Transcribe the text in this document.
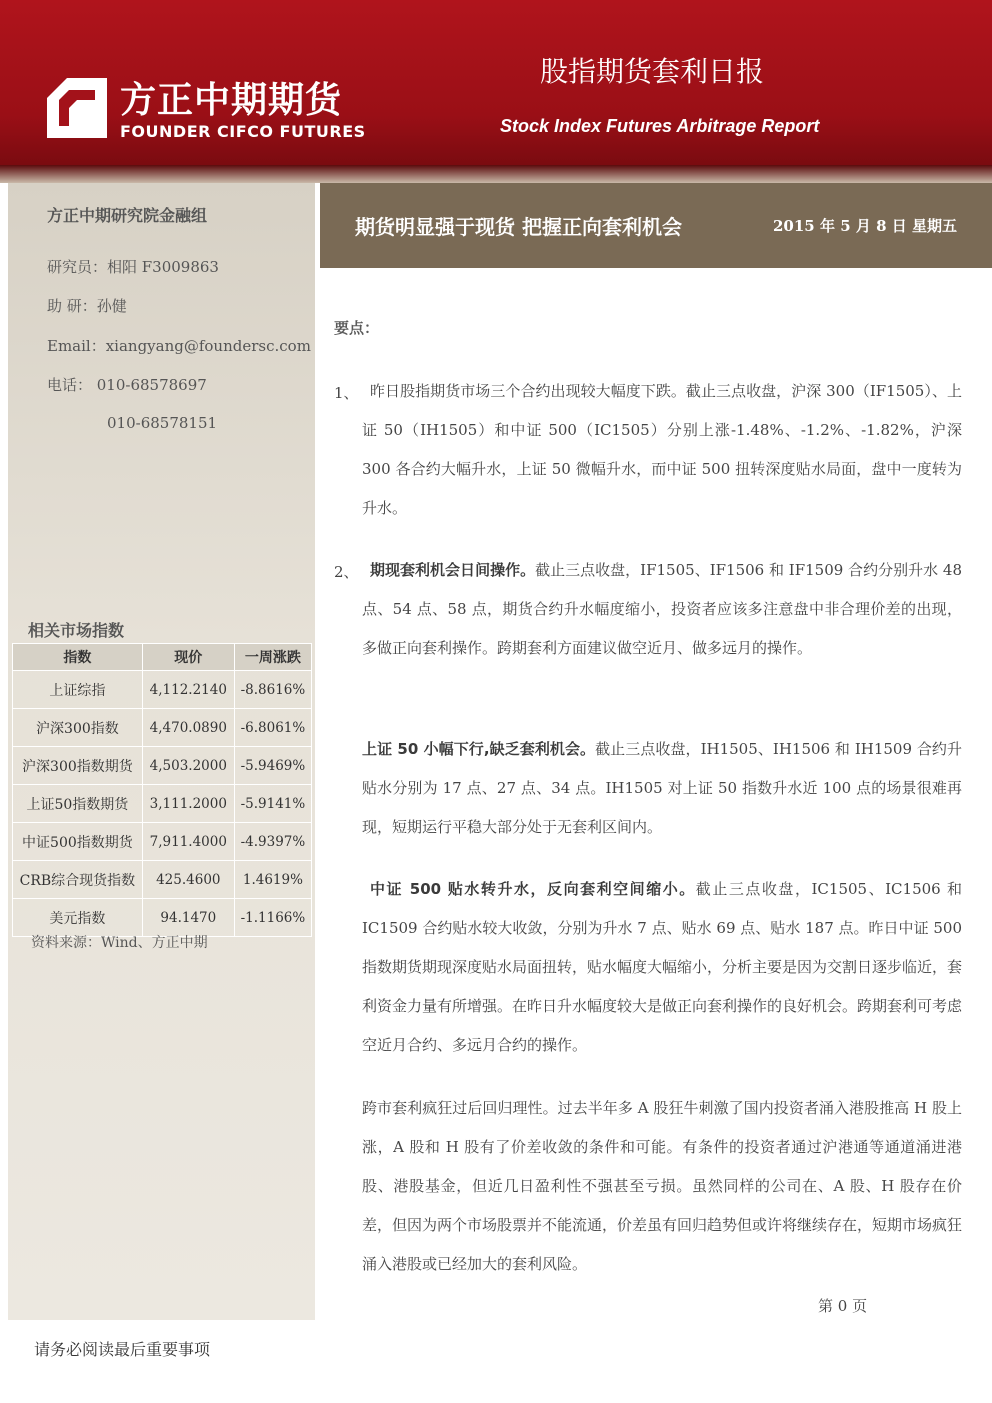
方正中期期货
FOUNDER CIFCO FUTURES
股指期货套利日报
Stock Index Futures Arbitrage Report
方正中期研究院金融组
研究员：相阳 F3009863
助 研：孙健
Email：xiangyang@foundersc.com
电话： 010-68578697
010-68578151
相关市场指数
指数	现价	一周涨跌
上证综指	4,112.2140	-8.8616%
沪深300指数	4,470.0890	-6.8061%
沪深300指数期货	4,503.2000	-5.9469%
上证50指数期货	3,111.2000	-5.9141%
中证500指数期货	7,911.4000	-4.9397%
CRB综合现货指数	425.4600	1.4619%
美元指数	94.1470	-1.1166%
资料来源：Wind、方正中期
期货明显强于现货 把握正向套利机会	2015 年 5 月 8 日 星期五
要点：
1、 昨日股指期货市场三个合约出现较大幅度下跌。截止三点收盘，沪深 300（IF1505）、上证 50（IH1505）和中证 500（IC1505）分别上涨-1.48%、-1.2%、-1.82%，沪深 300 各合约大幅升水，上证 50 微幅升水，而中证 500 扭转深度贴水局面，盘中一度转为升水。
2、 期现套利机会日间操作。截止三点收盘，IF1505、IF1506 和 IF1509 合约分别升水 48 点、54 点、58 点，期货合约升水幅度缩小，投资者应该多注意盘中非合理价差的出现，多做正向套利操作。跨期套利方面建议做空近月、做多远月的操作。
上证 50 小幅下行,缺乏套利机会。截止三点收盘，IH1505、IH1506 和 IH1509 合约升贴水分别为 17 点、27 点、34 点。IH1505 对上证 50 指数升水近 100 点的场景很难再现，短期运行平稳大部分处于无套利区间内。
中证 500 贴水转升水，反向套利空间缩小。截止三点收盘，IC1505、IC1506 和 IC1509 合约贴水较大收敛，分别为升水 7 点、贴水 69 点、贴水 187 点。昨日中证 500 指数期货期现深度贴水局面扭转，贴水幅度大幅缩小，分析主要是因为交割日逐步临近，套利资金力量有所增强。在昨日升水幅度较大是做正向套利操作的良好机会。跨期套利可考虑空近月合约、多远月合约的操作。
跨市套利疯狂过后回归理性。过去半年多 A 股狂牛刺激了国内投资者涌入港股推高 H 股上涨，A 股和 H 股有了价差收敛的条件和可能。有条件的投资者通过沪港通等通道涌进港股、港股基金，但近几日盈利性不强甚至亏损。虽然同样的公司在、A 股、H 股存在价差，但因为两个市场股票并不能流通，价差虽有回归趋势但或许将继续存在，短期市场疯狂涌入港股或已经加大的套利风险。
第 0 页
请务必阅读最后重要事项
